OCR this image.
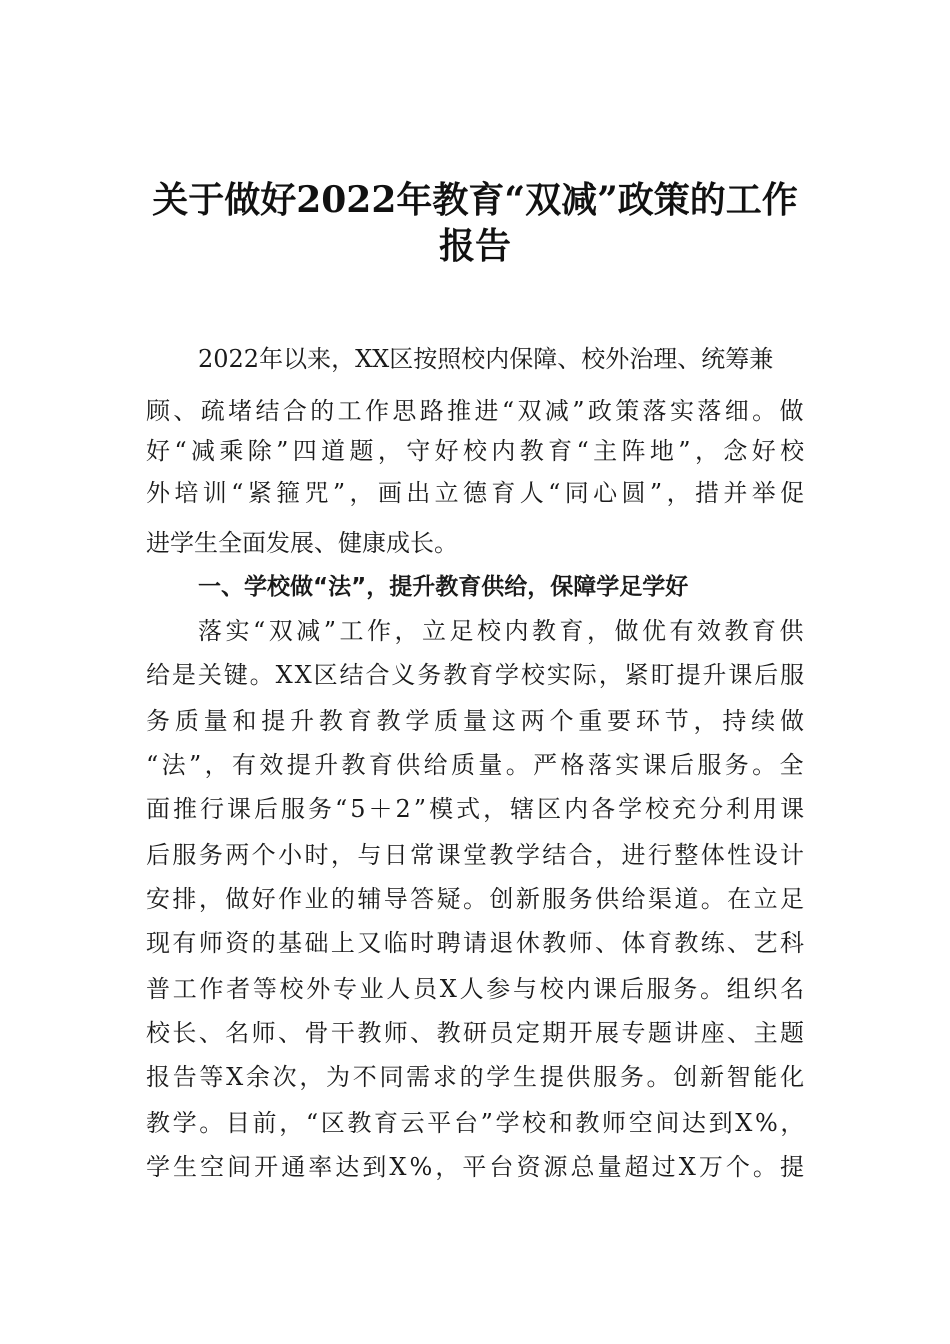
关于做好2022年教育“双减”政策的工作
报告
2022年以来，XX区按照校内保障、校外治理、统筹兼
顾、疏堵结合的工作思路推进“双减”政策落实落细。做
好“减乘除”四道题，守好校内教育“主阵地”，念好校
外培训“紧箍咒”，画出立德育人“同心圆”，措并举促
进学生全面发展、健康成长。
一、学校做“法”，提升教育供给，保障学足学好
落实“双减”工作，立足校内教育，做优有效教育供
给是关键。XX区结合义务教育学校实际，紧盯提升课后服
务质量和提升教育教学质量这两个重要环节，持续做
“法”，有效提升教育供给质量。严格落实课后服务。全
面推行课后服务“5＋2”模式，辖区内各学校充分利用课
后服务两个小时，与日常课堂教学结合，进行整体性设计
安排，做好作业的辅导答疑。创新服务供给渠道。在立足
现有师资的基础上又临时聘请退休教师、体育教练、艺科
普工作者等校外专业人员X人参与校内课后服务。组织名
校长、名师、骨干教师、教研员定期开展专题讲座、主题
报告等X余次，为不同需求的学生提供服务。创新智能化
教学。目前，“区教育云平台”学校和教师空间达到X%，
学生空间开通率达到X%，平台资源总量超过X万个。提
